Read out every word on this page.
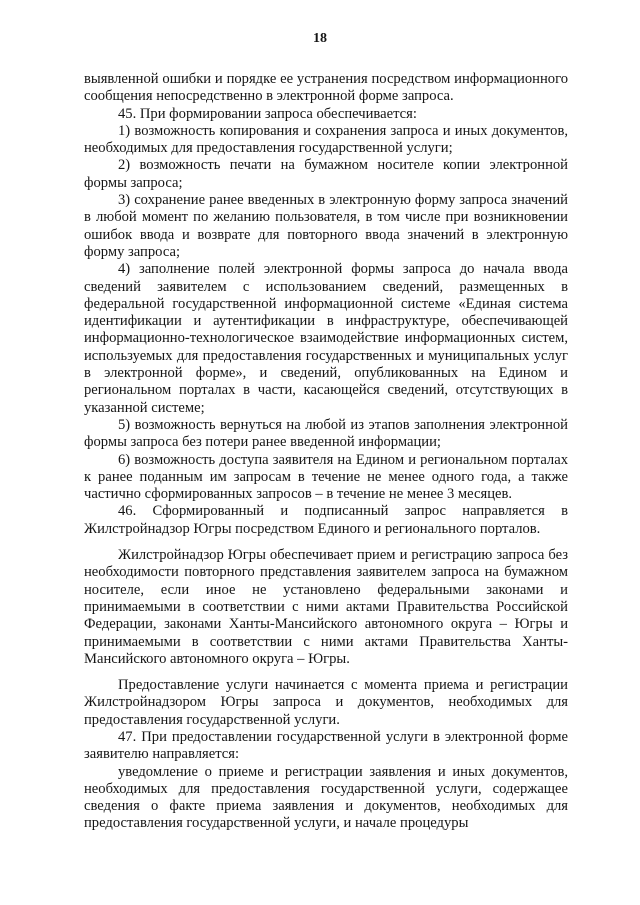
18

выявленной ошибки и порядке ее устранения посредством информационного сообщения непосредственно в электронной форме запроса.

45. При формировании запроса обеспечивается:

1) возможность копирования и сохранения запроса и иных документов, необходимых для предоставления государственной услуги;

2) возможность печати на бумажном носителе копии электронной формы запроса;

3) сохранение ранее введенных в электронную форму запроса значений в любой момент по желанию пользователя, в том числе при возникновении ошибок ввода и возврате для повторного ввода значений в электронную форму запроса;

4) заполнение полей электронной формы запроса до начала ввода сведений заявителем с использованием сведений, размещенных в федеральной государственной информационной системе «Единая система идентификации и аутентификации в инфраструктуре, обеспечивающей информационно-технологическое взаимодействие информационных систем, используемых для предоставления государственных и муниципальных услуг в электронной форме», и сведений, опубликованных на Едином и региональном порталах в части, касающейся сведений, отсутствующих в указанной системе;

5) возможность вернуться на любой из этапов заполнения электронной формы запроса без потери ранее введенной информации;

6) возможность доступа заявителя на Едином и региональном порталах к ранее поданным им запросам в течение не менее одного года, а также частично сформированных запросов – в течение не менее 3 месяцев.

46. Сформированный и подписанный запрос направляется в Жилстройнадзор Югры посредством Единого и регионального порталов.

Жилстройнадзор Югры обеспечивает прием и регистрацию запроса без необходимости повторного представления заявителем запроса на бумажном носителе, если иное не установлено федеральными законами и принимаемыми в соответствии с ними актами Правительства Российской Федерации, законами Ханты-Мансийского автономного округа – Югры и принимаемыми в соответствии с ними актами Правительства Ханты-Мансийского автономного округа – Югры.

Предоставление услуги начинается с момента приема и регистрации Жилстройнадзором Югры запроса и документов, необходимых для предоставления государственной услуги.

47. При предоставлении государственной услуги в электронной форме заявителю направляется:

уведомление о приеме и регистрации заявления и иных документов, необходимых для предоставления государственной услуги, содержащее сведения о факте приема заявления и документов, необходимых для предоставления государственной услуги, и начале процедуры
